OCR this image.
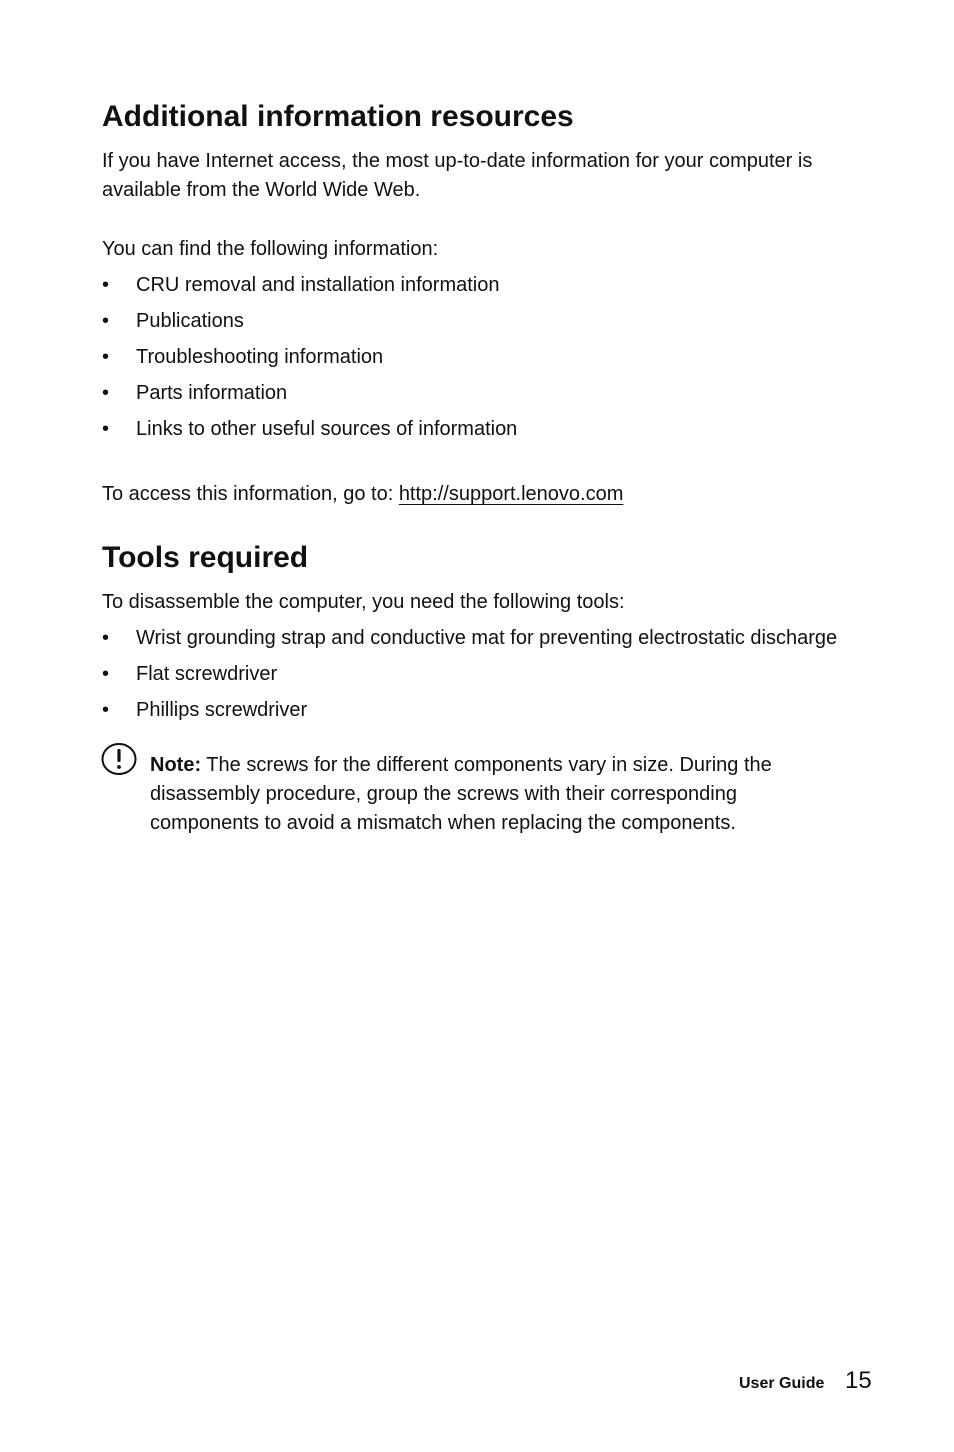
Additional information resources

If you have Internet access, the most up-to-date information for your computer is

available from the World Wide Web.

You can find the following information:

• CRU removal and installation information
• Publications
• Troubleshooting information
• Parts information
• Links to other useful sources of information

To access this information, go to: http://support.lenovo.com

Tools required

To disassemble the computer, you need the following tools:

• Wrist grounding strap and conductive mat for preventing electrostatic discharge
• Flat screwdriver
• Phillips screwdriver
Note: The screws for the different components vary in size. During the disassembly procedure, group the screws with their corresponding components to avoid a mismatch when replacing the components.
User Guide 15
